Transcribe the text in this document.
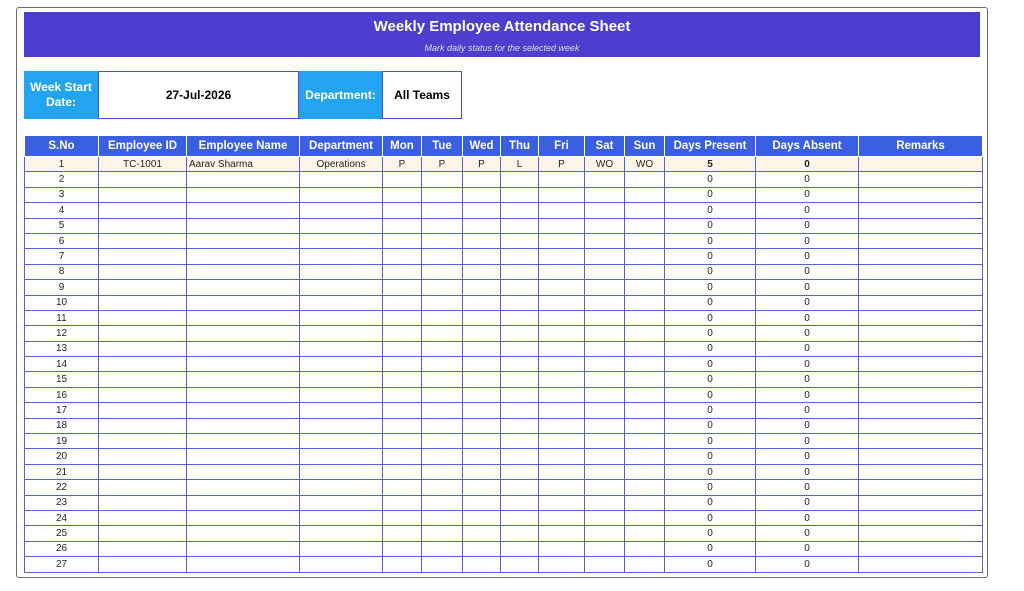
Weekly Employee Attendance Sheet
Mark daily status for the selected week
Week Start Date:	27-Jul-2026	Department:	All Teams
S.No	Employee ID	Employee Name	Department	Mon	Tue	Wed	Thu	Fri	Sat	Sun	Days Present	Days Absent	Remarks
1	TC-1001	Aarav Sharma	Operations	P	P	P	L	P	WO	WO	5	0	
2											0	0	
3											0	0	
4											0	0	
5											0	0	
6											0	0	
7											0	0	
8											0	0	
9											0	0	
10											0	0	
11											0	0	
12											0	0	
13											0	0	
14											0	0	
15											0	0	
16											0	0	
17											0	0	
18											0	0	
19											0	0	
20											0	0	
21											0	0	
22											0	0	
23											0	0	
24											0	0	
25											0	0	
26											0	0	
27											0	0	
